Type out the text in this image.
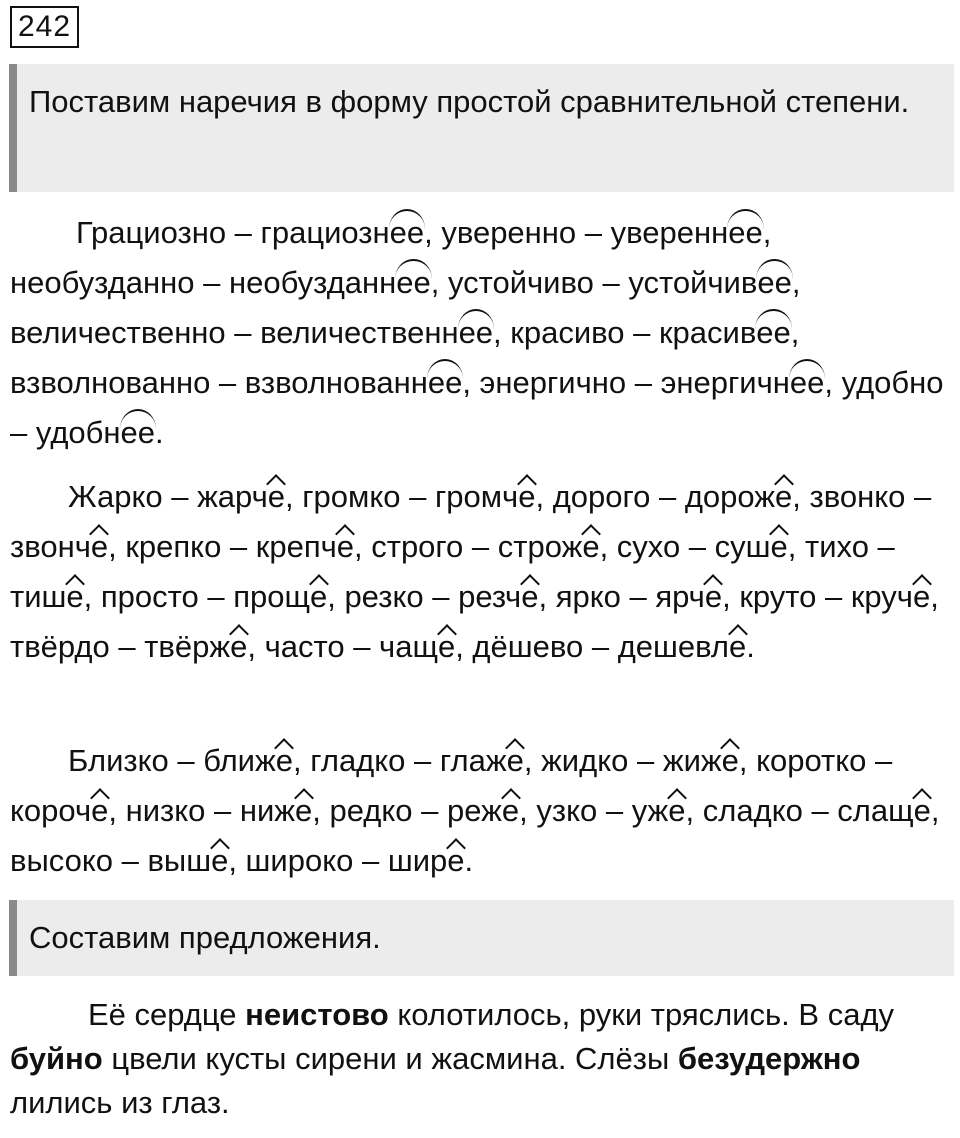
242
Поставим наречия в форму простой сравнительной степени.

Грациозно – грациознее, уверенно – увереннее, необузданно – необузданнее, устойчиво – устойчивее, величественно – величественнее, красиво – красивее, взволнованно – взволнованнее, энергично – энергичнее, удобно – удобнее.

Жарко – жарче, громко – громче, дорого – дороже, звонко – звонче, крепко – крепче, строго – строже, сухо – суше, тихо – тише, просто – проще, резко – резче, ярко – ярче, круто – круче, твёрдо – твёрже, часто – чаще, дёшево – дешевле.

Близко – ближе, гладко – глаже, жидко – жиже, коротко – короче, низко – ниже, редко – реже, узко – уже, сладко – слаще, высоко – выше, широко – шире.

Составим предложения.

Её сердце неистово колотилось, руки тряслись. В саду буйно цвели кусты сирени и жасмина. Слёзы безудержно лились из глаз.
